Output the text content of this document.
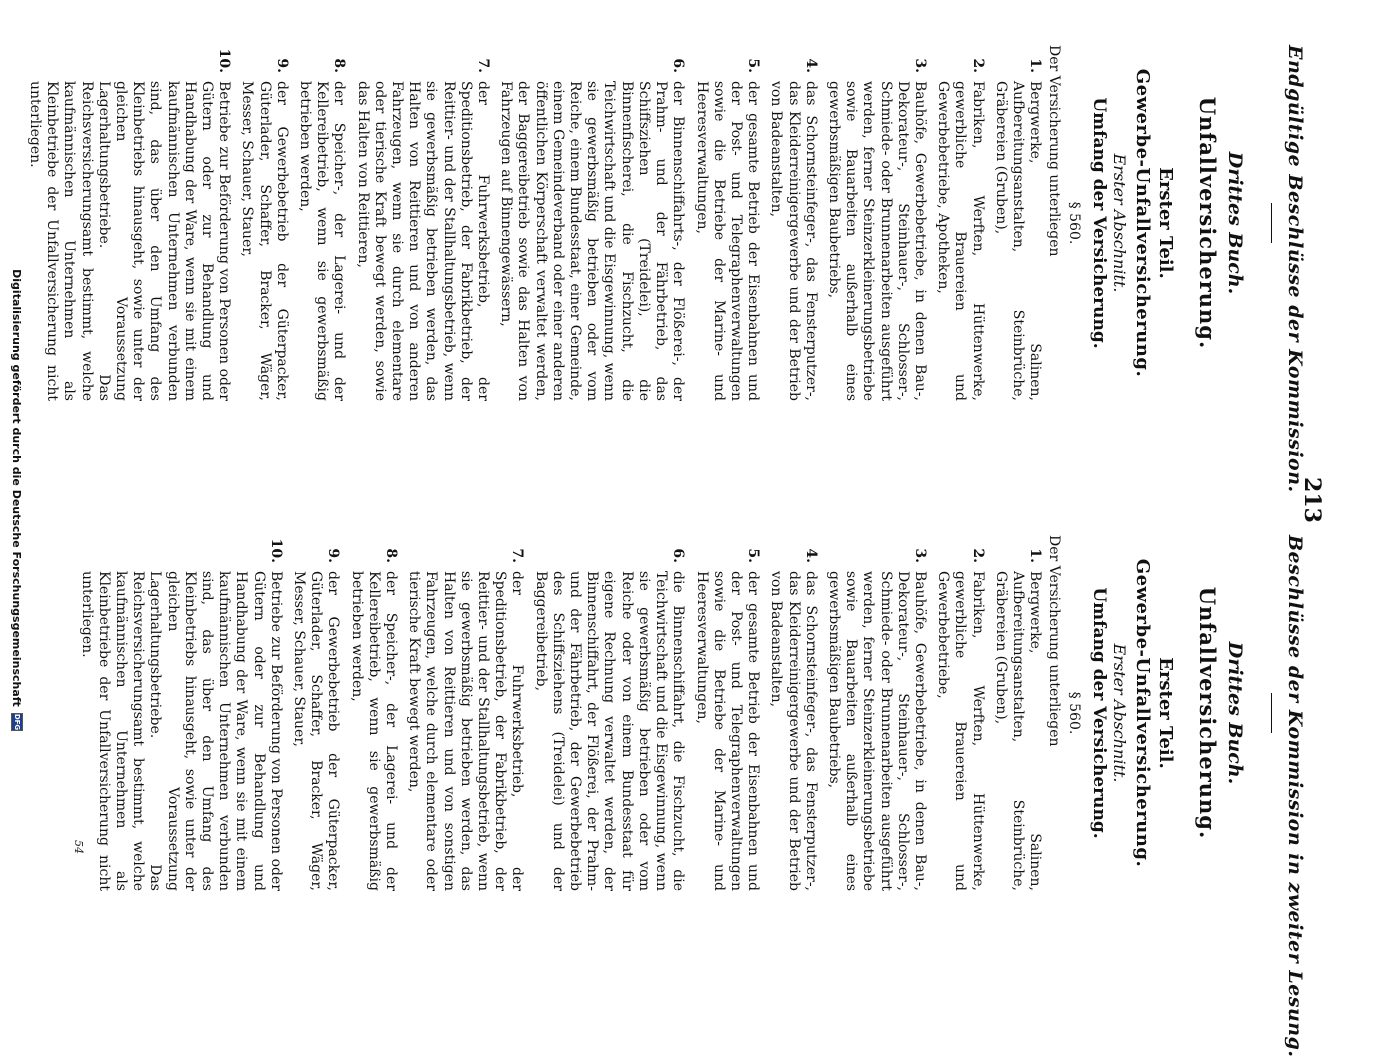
213
Beschlüsse der Kommission in zweiter Lesung.
Drittes Buch.
Unfallversicherung.
Erster Teil.
Gewerbe-Unfallversicherung.
Erster Abschnitt.
Umfang der Versicherung.
§ 560.
Der Versicherung unterliegen
1.
Bergwerke, Salinen, Aufbereitungsanstalten, Steinbrüche, Gräbereien (Gruben),
2.
Fabriken, Werften, Hüttenwerke, gewerbliche Brauereien und Gewerbebetriebe,
3.
Bauhöfe, Gewerbebetriebe, in denen Bau-, Dekorateur-, Steinhauer-, Schlosser-, Schmiede- oder Brunnenarbeiten ausgeführt werden, ferner Steinzerkleinerungsbetriebe sowie Bauarbeiten außerhalb eines gewerbsmäßigen Baubetriebs,
4.
das Schornsteinfeger-, das Fensterputzer-, das Kleiderreinigergewerbe und der Betrieb von Badeanstalten,
5.
der gesamte Betrieb der Eisenbahnen und der Post- und Telegraphenverwaltungen sowie die Betriebe der Marine- und Heeresverwaltungen,
6.
die Binnenschiffahrt, die Fischzucht, die Teichwirtschaft und die Eisgewinnung, wenn sie gewerbsmäßig betrieben oder vom Reiche oder von einem Bundesstaat für eigene Rechnung verwaltet werden, der Binnenschiffahrt, der Flößerei, der Prahm- und der Fährbetrieb, der Gewerbebetrieb des Schiffsziehens (Treidelei) und der Baggereibetrieb,
7.
der Fuhrwerksbetrieb, der Speditionsbetrieb, der Fabrikbetrieb, der Reittier- und der Stallhaltungsbetrieb, wenn sie gewerbsmäßig betrieben werden, das Halten von Reittieren und von sonstigen Fahrzeugen, welche durch elementare oder tierische Kraft bewegt werden,
8.
der Speicher-, der Lagerei- und der Kellereibetrieb, wenn sie gewerbsmäßig betrieben werden,
9.
der Gewerbebetrieb der Güterpacker, Güterlader, Schaffer, Bracker, Wäger, Messer, Schauer, Stauer,
10.
Betriebe zur Beförderung von Personen oder Gütern oder zur Behandlung und Handhabung der Ware, wenn sie mit einem kaufmännischen Unternehmen verbunden sind, das über den Umfang des Kleinbetriebs hinausgeht, sowie unter der gleichen Voraussetzung Lagerhaltungsbetriebe. Das Reichsversicherungsamt bestimmt, welche kaufmännischen Unternehmen als Kleinbetriebe der Unfallversicherung nicht unterliegen.
Endgültige Beschlüsse der Kommission.
Drittes Buch.
Unfallversicherung.
Erster Teil.
Gewerbe-Unfallversicherung.
Erster Abschnitt.
Umfang der Versicherung.
§ 560.
Der Versicherung unterliegen
1.
Bergwerke, Salinen, Aufbereitungsanstalten, Steinbrüche, Gräbereien (Gruben),
2.
Fabriken, Werften, Hüttenwerke, gewerbliche Brauereien und Gewerbebetriebe, Apotheken,
3.
Bauhöfe, Gewerbebetriebe, in denen Bau-, Dekorateur-, Steinhauer-, Schlosser-, Schmiede- oder Brunnenarbeiten ausgeführt werden, ferner Steinzerkleinerungsbetriebe sowie Bauarbeiten außerhalb eines gewerbsmäßigen Baubetriebs,
4.
das Schornsteinfeger-, das Fensterputzer-, das Kleiderreinigergewerbe und der Betrieb von Badeanstalten,
5.
der gesamte Betrieb der Eisenbahnen und der Post- und Telegraphenverwaltungen sowie die Betriebe der Marine- und Heeresverwaltungen,
6.
der Binnenschiffahrts-, der Flößerei-, der Prahm- und der Fährbetrieb, das Schiffsziehen (Treidelei), die Binnenfischerei, die Fischzucht, die Teichwirtschaft und die Eisgewinnung, wenn sie gewerbsmäßig betrieben oder vom Reiche, einem Bundesstaat, einer Gemeinde, einem Gemeindeverband oder einer anderen öffentlichen Körperschaft verwaltet werden, der Baggereibetrieb sowie das Halten von Fahrzeugen auf Binnengewässern,
7.
der Fuhrwerksbetrieb, der Speditionsbetrieb, der Fabrikbetrieb, der Reittier- und der Stallhaltungsbetrieb, wenn sie gewerbsmäßig betrieben werden, das Halten von Reittieren und von anderen Fahrzeugen, wenn sie durch elementare oder tierische Kraft bewegt werden, sowie das Halten von Reittieren,
8.
der Speicher-, der Lagerei- und der Kellereibetrieb, wenn sie gewerbsmäßig betrieben werden,
9.
der Gewerbebetrieb der Güterpacker, Güterlader, Schaffer, Bracker, Wäger, Messer, Schauer, Stauer,
10.
Betriebe zur Beförderung von Personen oder Gütern oder zur Behandlung und Handhabung der Ware, wenn sie mit einem kaufmännischen Unternehmen verbunden sind, das über den Umfang des Kleinbetriebs hinausgeht, sowie unter der gleichen Voraussetzung Lagerhaltungsbetriebe. Das Reichsversicherungsamt bestimmt, welche kaufmännischen Unternehmen als Kleinbetriebe der Unfallversicherung nicht unterliegen.
54
Digitalisierung gefördert durch die Deutsche Forschungsgemeinschaft
DFG
